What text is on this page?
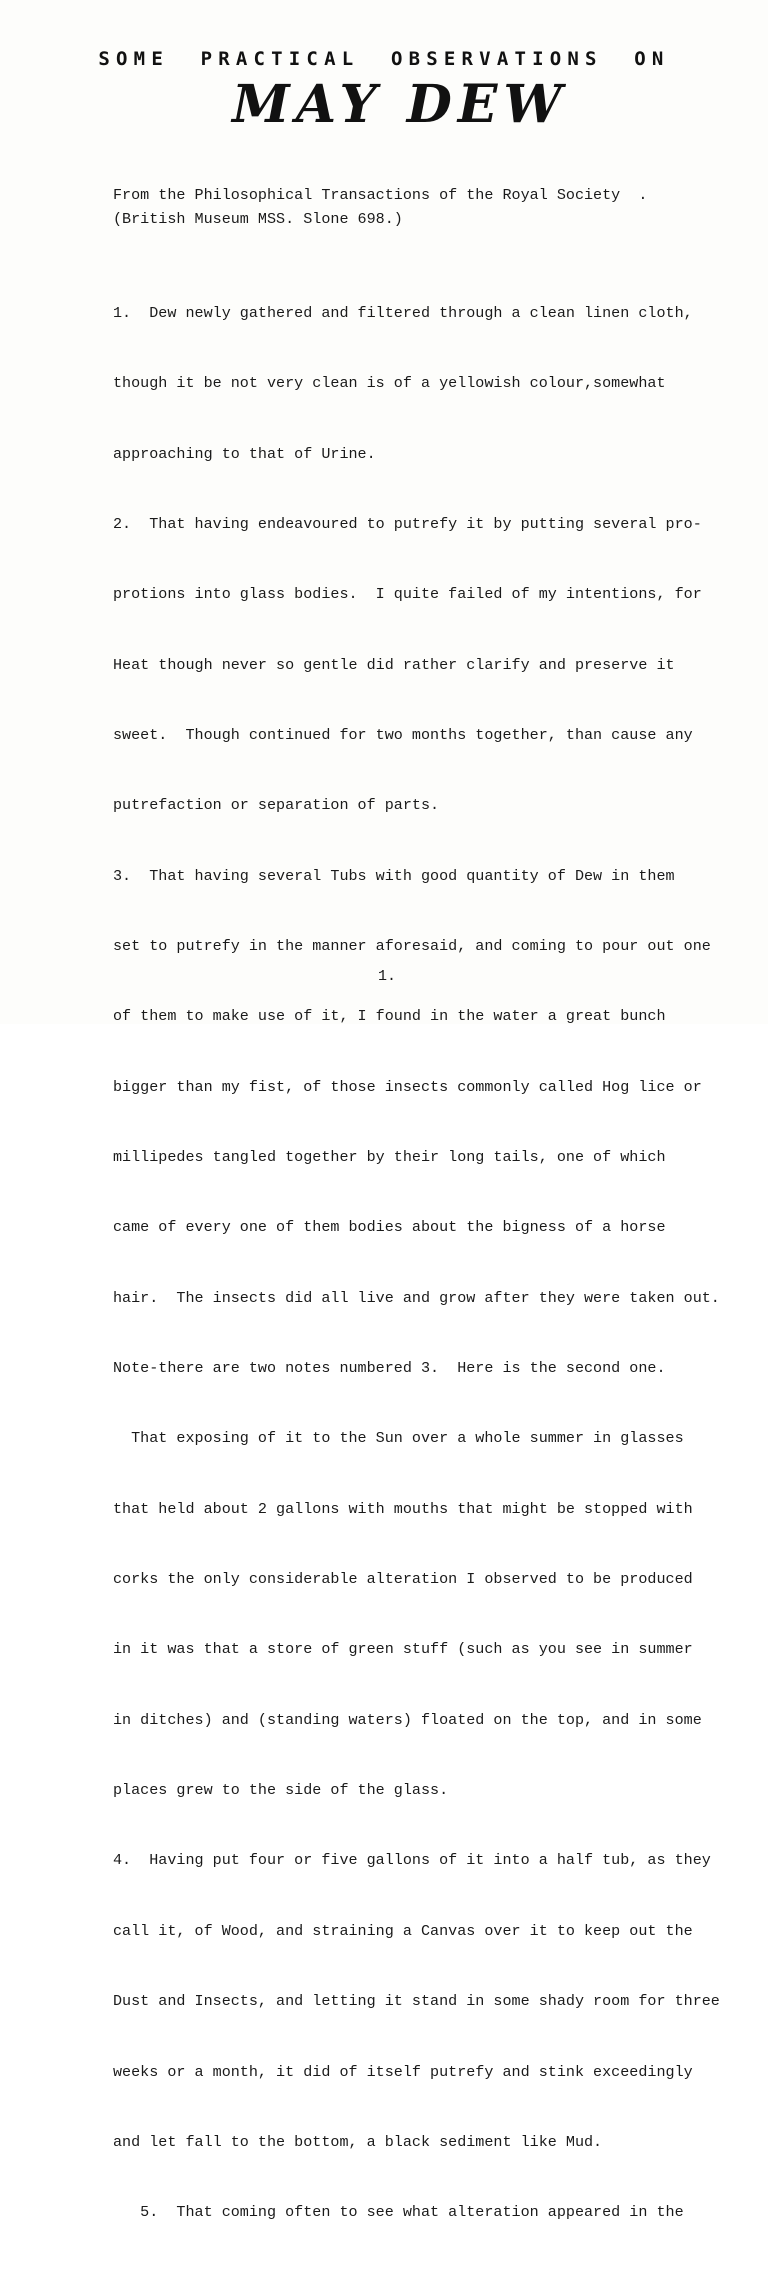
SOME PRACTICAL OBSERVATIONS ON
MAY DEW
From the Philosophical Transactions of the Royal Society  .
(British Museum MSS. Slone 698.)

1.  Dew newly gathered and filtered through a clean linen cloth,

though it be not very clean is of a yellowish colour,somewhat

approaching to that of Urine.

2.  That having endeavoured to putrefy it by putting several pro-

protions into glass bodies.  I quite failed of my intentions, for

Heat though never so gentle did rather clarify and preserve it

sweet.  Though continued for two months together, than cause any

putrefaction or separation of parts.

3.  That having several Tubs with good quantity of Dew in them

set to putrefy in the manner aforesaid, and coming to pour out one

of them to make use of it, I found in the water a great bunch

bigger than my fist, of those insects commonly called Hog lice or

millipedes tangled together by their long tails, one of which

came of every one of them bodies about the bigness of a horse

hair.  The insects did all live and grow after they were taken out.

Note-there are two notes numbered 3.  Here is the second one.

That exposing of it to the Sun over a whole summer in glasses

that held about 2 gallons with mouths that might be stopped with

corks the only considerable alteration I observed to be produced

in it was that a store of green stuff (such as you see in summer

in ditches) and (standing waters) floated on the top, and in some

places grew to the side of the glass.

4.  Having put four or five gallons of it into a half tub, as they

call it, of Wood, and straining a Canvas over it to keep out the

Dust and Insects, and letting it stand in some shady room for three

weeks or a month, it did of itself putrefy and stink exceedingly

and let fall to the bottom, a black sediment like Mud.

5.  That coming often to see what alteration appeared in the

1.
